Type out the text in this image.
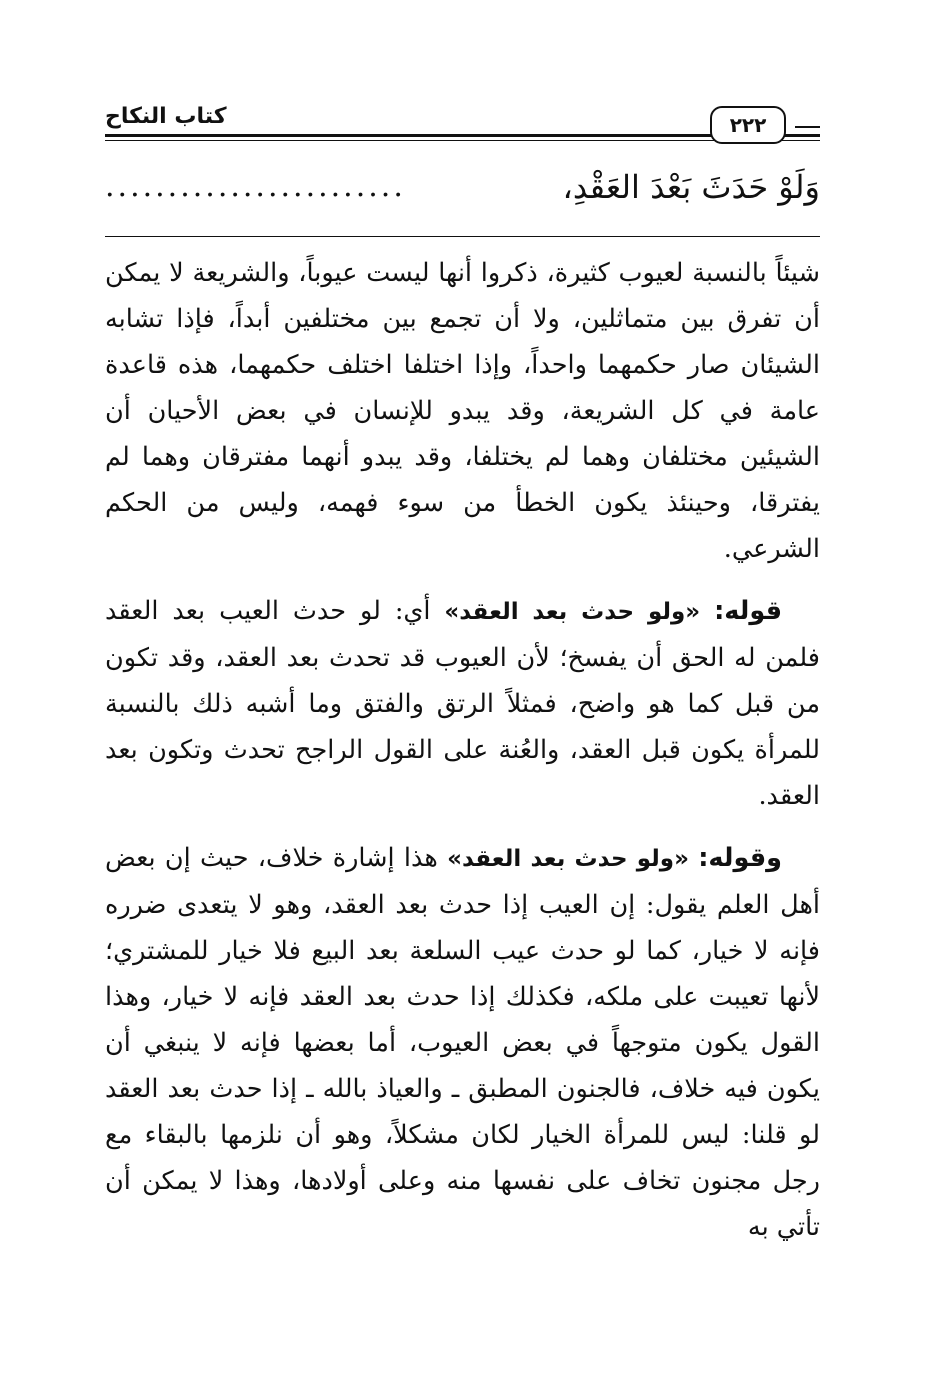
كتاب النكاح	٢٢٢
وَلَوْ حَدَثَ بَعْدَ العَقْدِ،
........................

شيئاً بالنسبة لعيوب كثيرة، ذكروا أنها ليست عيوباً، والشريعة لا يمكن أن تفرق بين متماثلين، ولا أن تجمع بين مختلفين أبداً، فإذا تشابه الشيئان صار حكمهما واحداً، وإذا اختلفا اختلف حكمهما، هذه قاعدة عامة في كل الشريعة، وقد يبدو للإنسان في بعض الأحيان أن الشيئين مختلفان وهما لم يختلفا، وقد يبدو أنهما مفترقان وهما لم يفترقا، وحينئذ يكون الخطأ من سوء فهمه، وليس من الحكم الشرعي.

قوله: «ولو حدث بعد العقد» أي: لو حدث العيب بعد العقد فلمن له الحق أن يفسخ؛ لأن العيوب قد تحدث بعد العقد، وقد تكون من قبل كما هو واضح، فمثلاً الرتق والفتق وما أشبه ذلك بالنسبة للمرأة يكون قبل العقد، والعُنة على القول الراجح تحدث وتكون بعد العقد.

وقوله: «ولو حدث بعد العقد» هذا إشارة خلاف، حيث إن بعض أهل العلم يقول: إن العيب إذا حدث بعد العقد، وهو لا يتعدى ضرره فإنه لا خيار، كما لو حدث عيب السلعة بعد البيع فلا خيار للمشتري؛ لأنها تعيبت على ملكه، فكذلك إذا حدث بعد العقد فإنه لا خيار، وهذا القول يكون متوجهاً في بعض العيوب، أما بعضها فإنه لا ينبغي أن يكون فيه خلاف، فالجنون المطبق ـ والعياذ بالله ـ إذا حدث بعد العقد لو قلنا: ليس للمرأة الخيار لكان مشكلاً، وهو أن نلزمها بالبقاء مع رجل مجنون تخاف على نفسها منه وعلى أولادها، وهذا لا يمكن أن تأتي به
